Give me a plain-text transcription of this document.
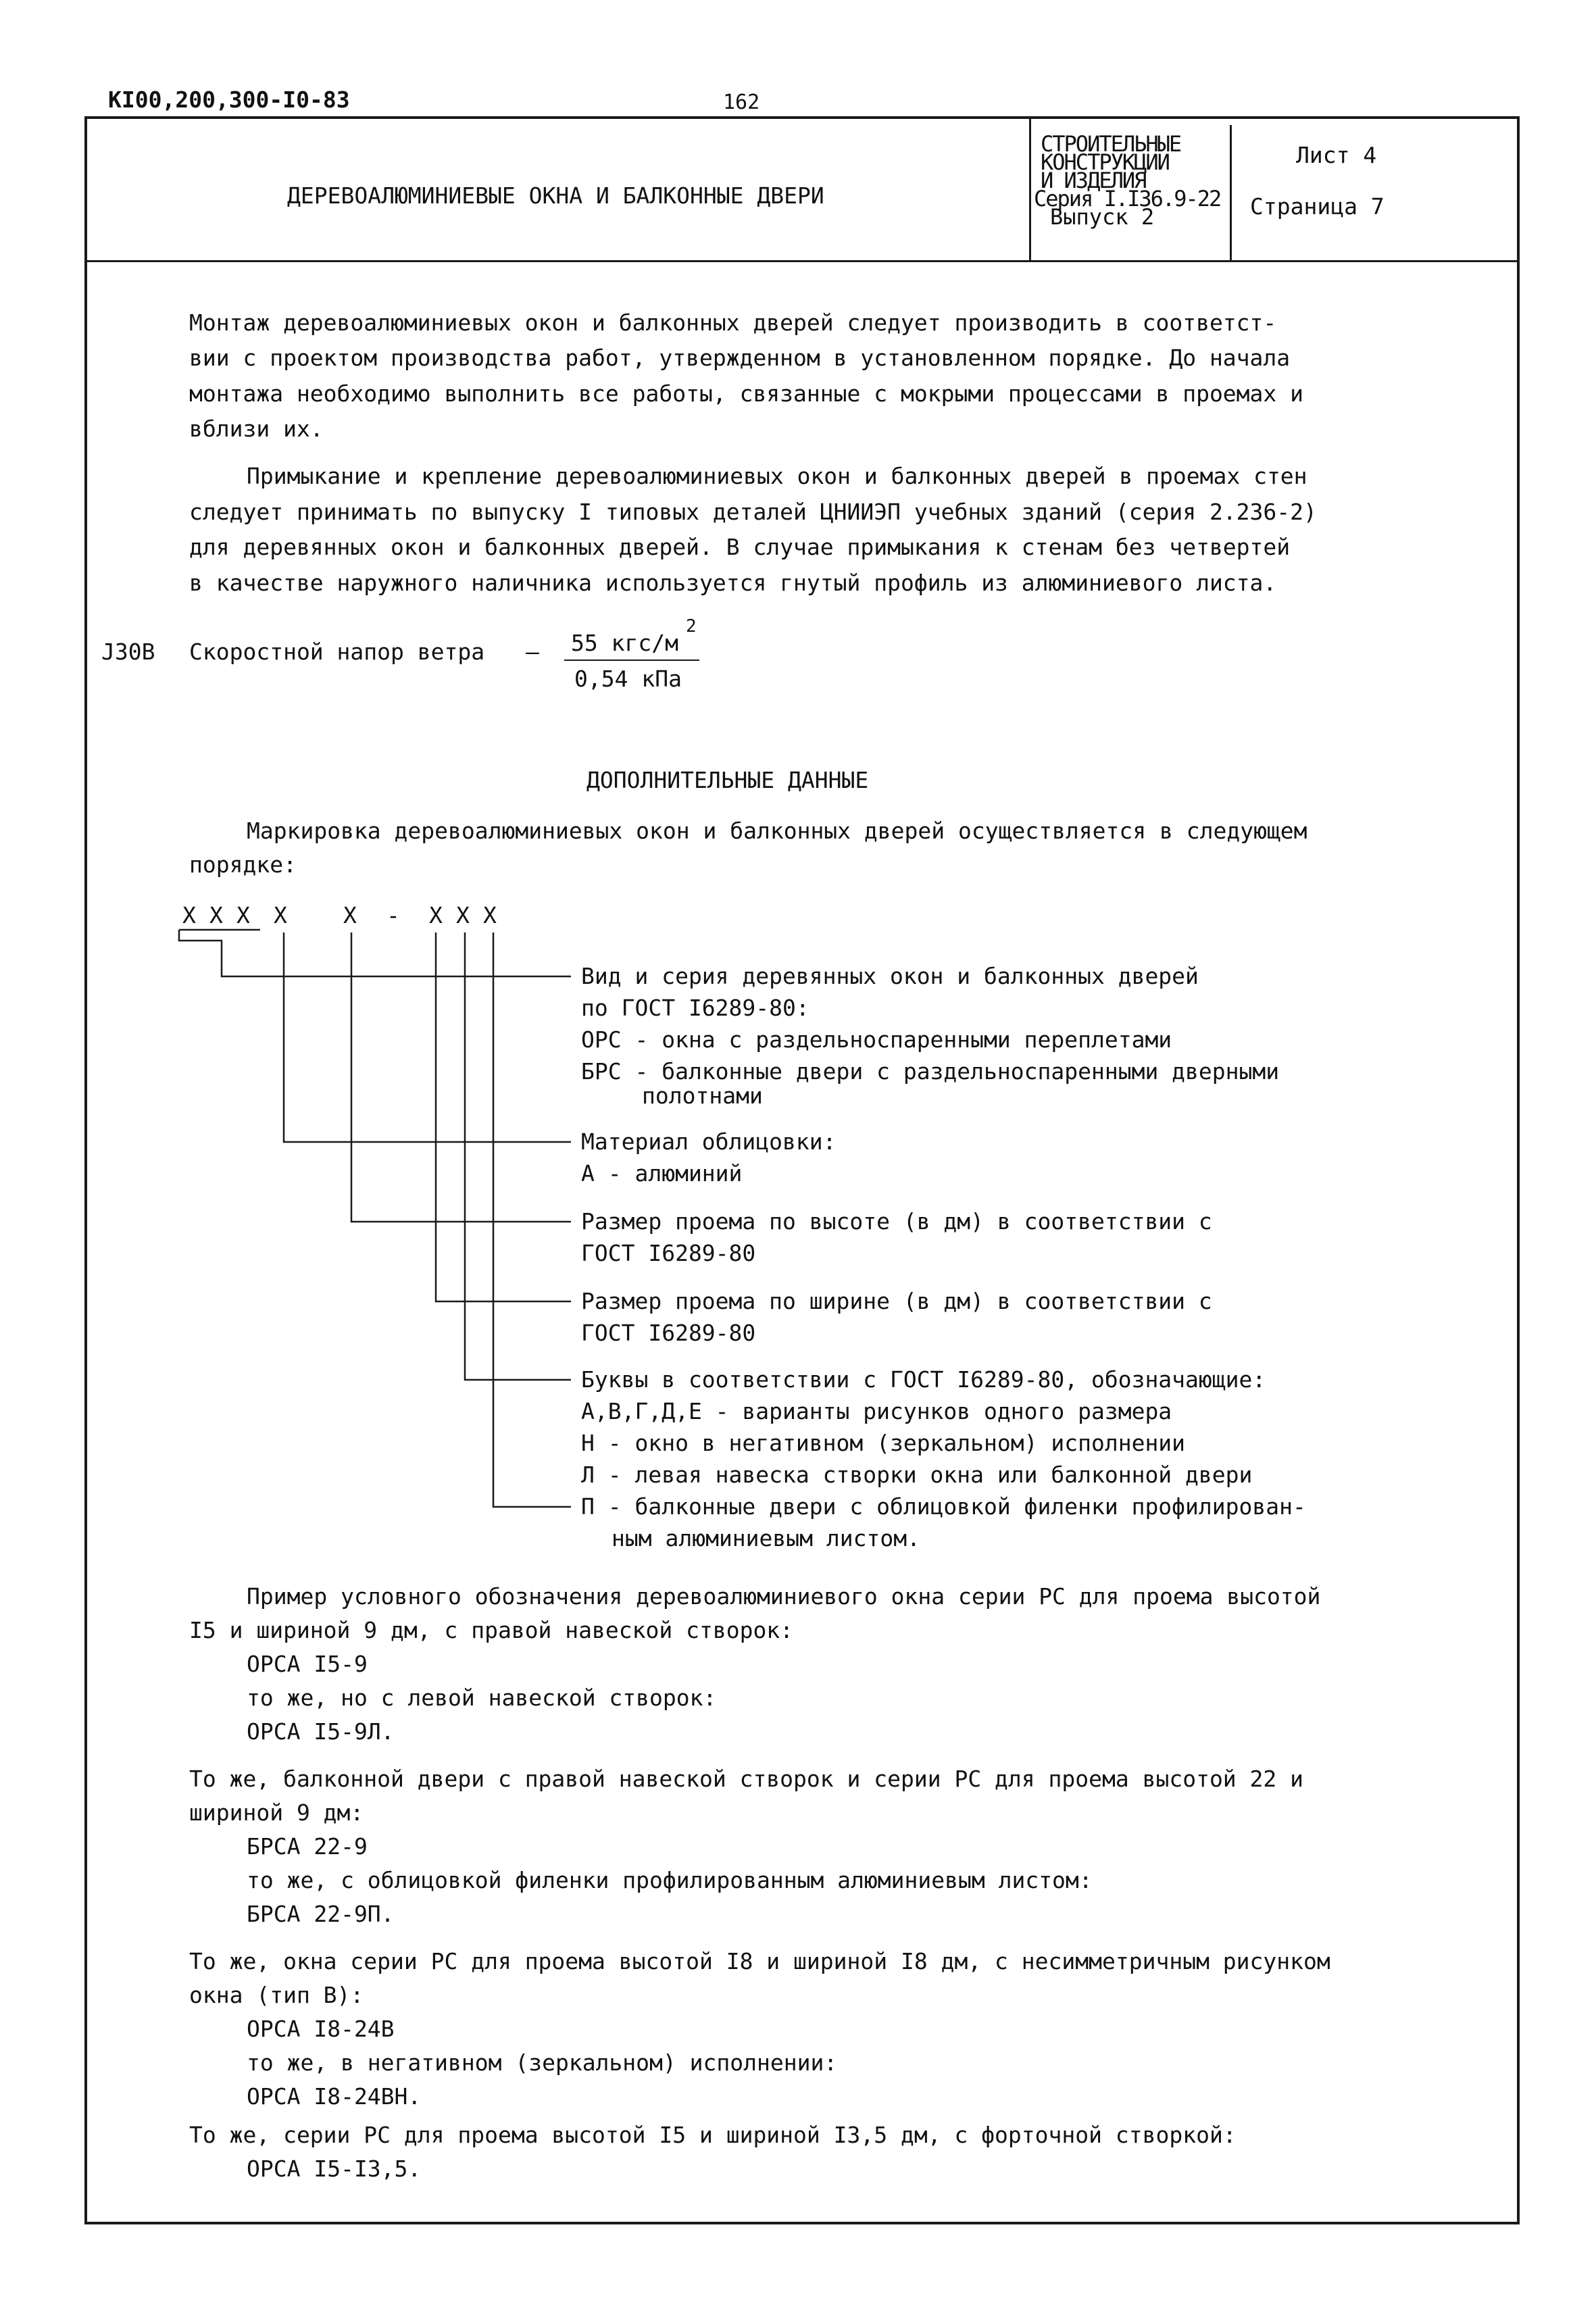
KI00,200,300-I0-83	162
ДЕРЕВОАЛЮМИНИЕВЫЕ ОКНА И БАЛКОННЫЕ ДВЕРИ
СТРОИТЕЛЬНЫЕ
КОНСТРУКЦИИ
И ИЗДЕЛИЯ
Серия I.I36.9-22
Выпуск 2
Лист 4
Страница 7
Монтаж деревоалюминиевых окон и балконных дверей следует производить в соответст-
вии с проектом производства работ, утвержденном в установленном порядке. До начала
монтажа необходимо выполнить все работы, связанные с мокрыми процессами в проемах и
вблизи их.
Примыкание и крепление деревоалюминиевых окон и балконных дверей в проемах стен
следует принимать по выпуску I типовых деталей ЦНИИЭП учебных зданий (серия 2.236-2)
для деревянных окон и балконных дверей. В случае примыкания к стенам без четвертей
в качестве наружного наличника используется гнутый профиль из алюминиевого листа.
J30B Скоростной напор ветра – 55 кгс/м
2
0,54 кПа
ДОПОЛНИТЕЛЬНЫЕ ДАННЫЕ
Маркировка деревоалюминиевых окон и балконных дверей осуществляется в следующем
порядке:
X X X X	X - X X X
Вид и серия деревянных окон и балконных дверей
по ГОСТ I6289-80:
ОРС - окна с раздельноспаренными переплетами
БРС - балконные двери с раздельноспаренными дверными
полотнами
Материал облицовки:
А - алюминий
Размер проема по высоте (в дм) в соответствии с
ГОСТ I6289-80
Размер проема по ширине (в дм) в соответствии с
ГОСТ I6289-80
Буквы в соответствии с ГОСТ I6289-80, обозначающие:
А,В,Г,Д,Е - варианты рисунков одного размера
Н - окно в негативном (зеркальном) исполнении
Л - левая навеска створки окна или балконной двери
П - балконные двери с облицовкой филенки профилирован-
ным алюминиевым листом.
Пример условного обозначения деревоалюминиевого окна серии РС для проема высотой
I5 и шириной 9 дм, с правой навеской створок:
ОРСА I5-9
то же, но с левой навеской створок:
ОРСА I5-9Л.
То же, балконной двери с правой навеской створок и серии РС для проема высотой 22 и
шириной 9 дм:
БРСА 22-9
то же, с облицовкой филенки профилированным алюминиевым листом:
БРСА 22-9П.
То же, окна серии РС для проема высотой I8 и шириной I8 дм, с несимметричным рисунком
окна (тип В):
ОРСА I8-24В
то же, в негативном (зеркальном) исполнении:
ОРСА I8-24ВН.
То же, серии РС для проема высотой I5 и шириной I3,5 дм, с форточной створкой:
ОРСА I5-I3,5.
